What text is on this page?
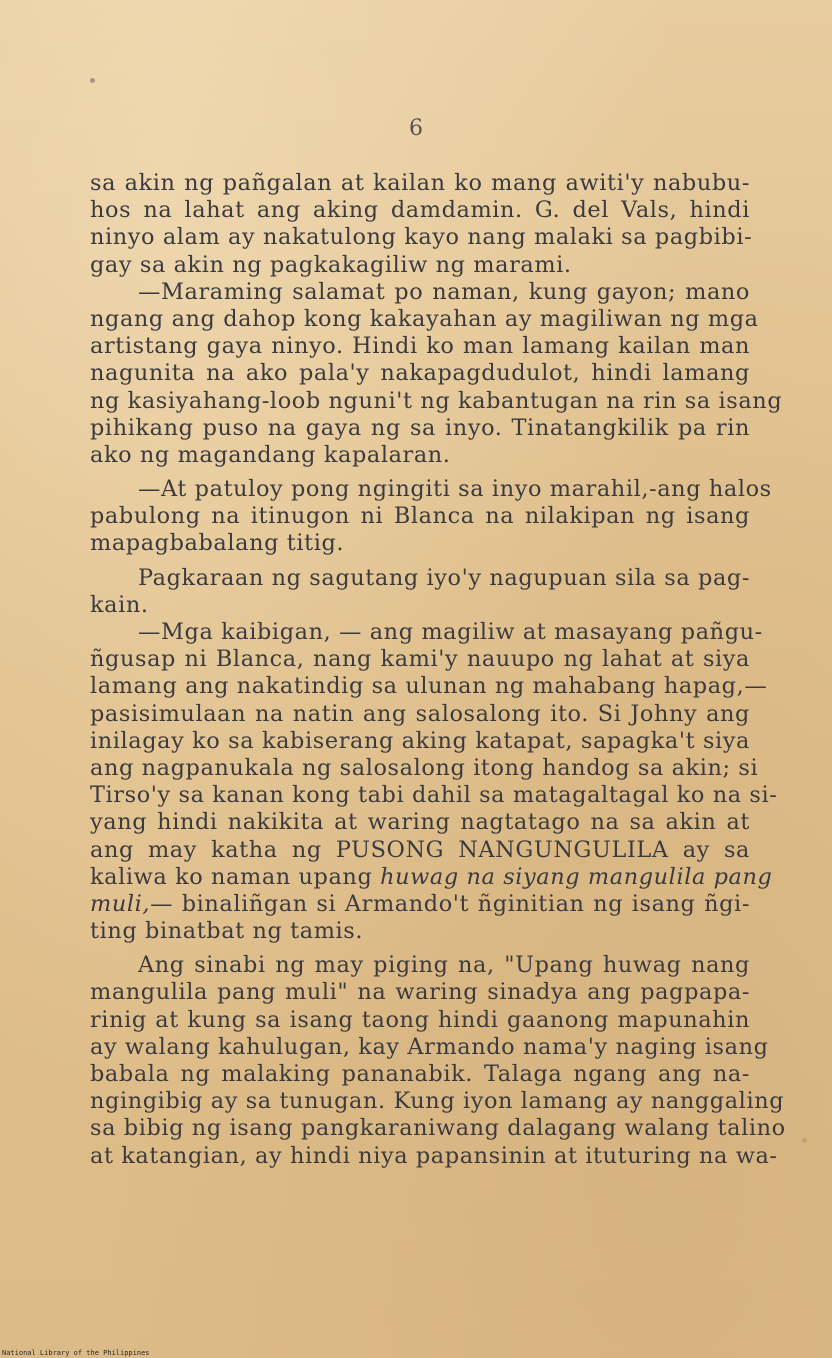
6
sa akin ng pañgalan at kailan ko mang awiti'y nabubu-
hos na lahat ang aking damdamin. G. del Vals, hindi
ninyo alam ay nakatulong kayo nang malaki sa pagbibi-
gay sa akin ng pagkakagiliw ng marami.
—Maraming salamat po naman, kung gayon; mano
ngang ang dahop kong kakayahan ay magiliwan ng mga
artistang gaya ninyo. Hindi ko man lamang kailan man
nagunita na ako pala'y nakapagdudulot, hindi lamang
ng kasiyahang-loob nguni't ng kabantugan na rin sa isang
pihikang puso na gaya ng sa inyo. Tinatangkilik pa rin
ako ng magandang kapalaran.
—At patuloy pong ngingiti sa inyo marahil,-ang halos
pabulong na itinugon ni Blanca na nilakipan ng isang
mapagbabalang titig.
Pagkaraan ng sagutang iyo'y nagupuan sila sa pag-
kain.
—Mga kaibigan, — ang magiliw at masayang pañgu-
ñgusap ni Blanca, nang kami'y nauupo ng lahat at siya
lamang ang nakatindig sa ulunan ng mahabang hapag,—
pasisimulaan na natin ang salosalong ito. Si Johny ang
inilagay ko sa kabiserang aking katapat, sapagka't siya
ang nagpanukala ng salosalong itong handog sa akin; si
Tirso'y sa kanan kong tabi dahil sa matagaltagal ko na si-
yang hindi nakikita at waring nagtatago na sa akin at
ang may katha ng PUSONG NANGUNGULILA ay sa
kaliwa ko naman upang huwag na siyang mangulila pang
muli,— binaliñgan si Armando't ñginitian ng isang ñgi-
ting binatbat ng tamis.
Ang sinabi ng may piging na, "Upang huwag nang
mangulila pang muli" na waring sinadya ang pagpapa-
rinig at kung sa isang taong hindi gaanong mapunahin
ay walang kahulugan, kay Armando nama'y naging isang
babala ng malaking pananabik. Talaga ngang ang na-
ngingibig ay sa tunugan. Kung iyon lamang ay nanggaling
sa bibig ng isang pangkaraniwang dalagang walang talino
at katangian, ay hindi niya papansinin at ituturing na wa-
National Library of the Philippines
